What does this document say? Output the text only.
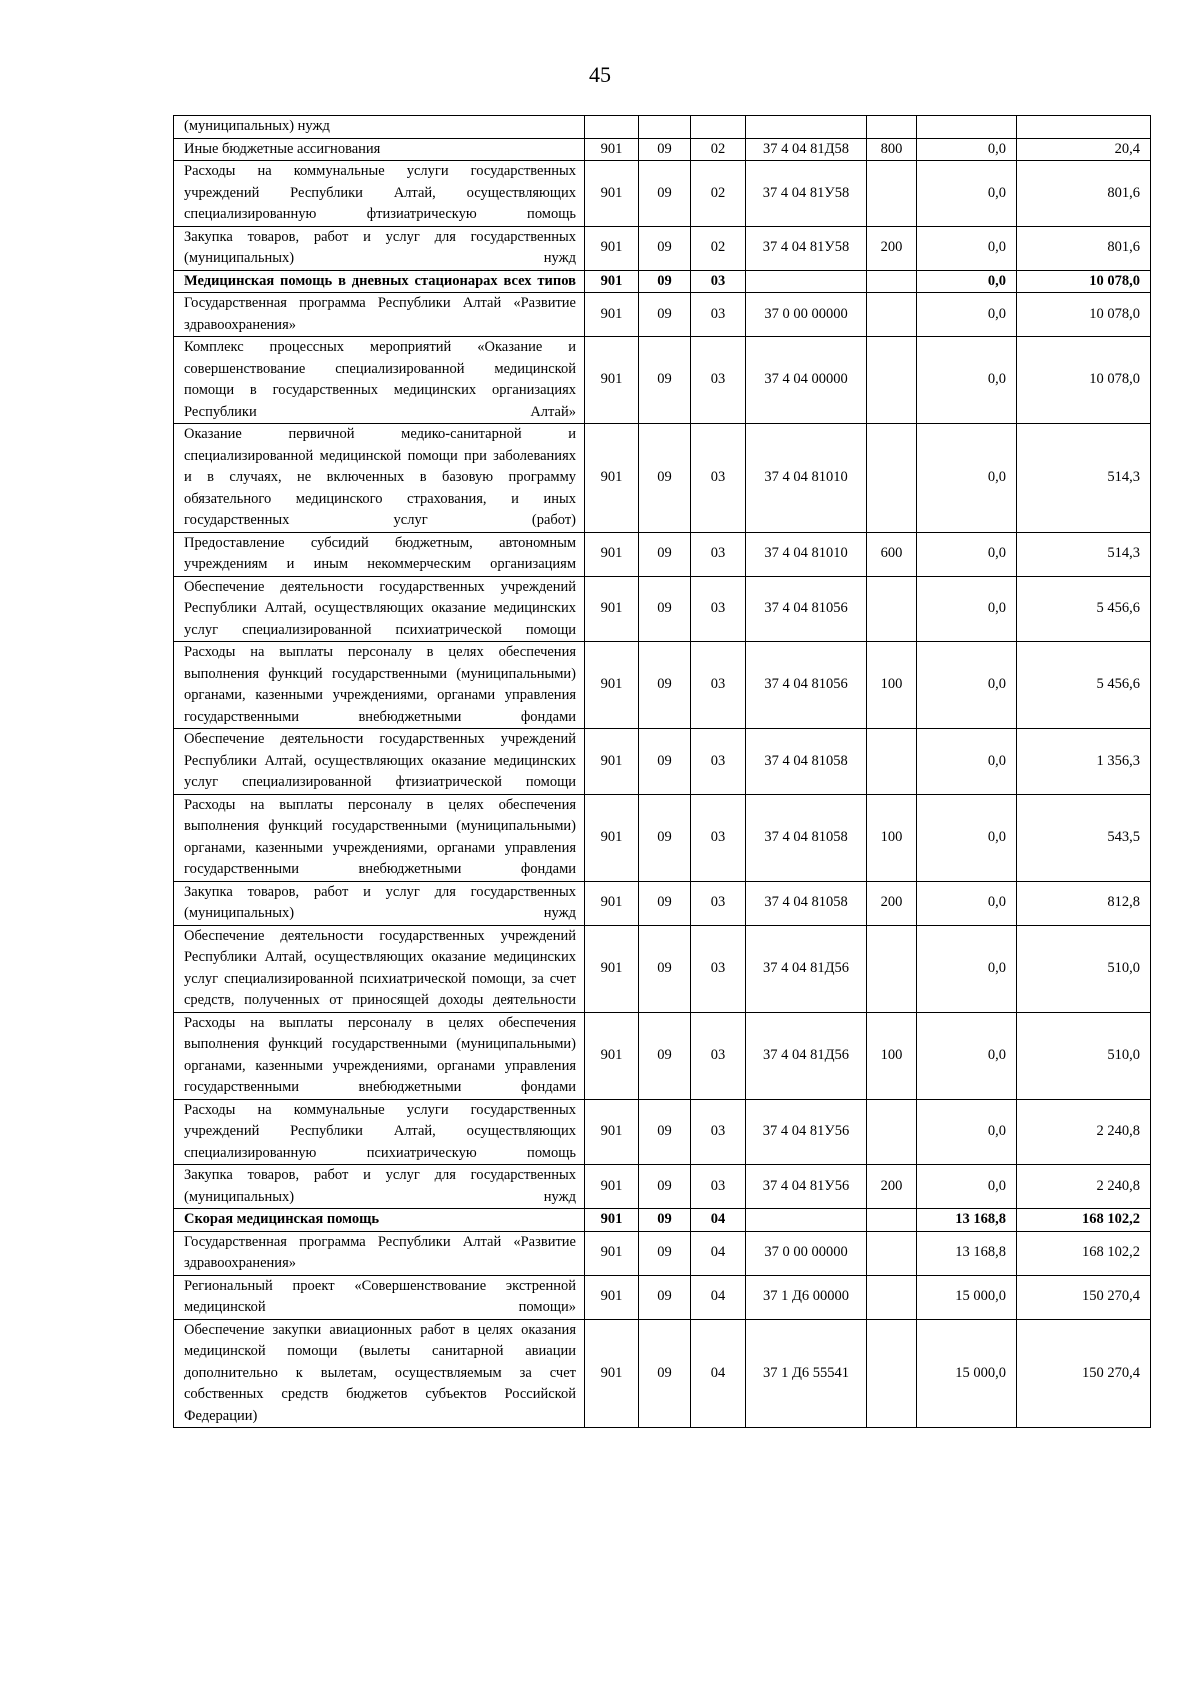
45
(муниципальных) нужд							
Иные бюджетные ассигнования	901	09	02	37 4 04 81Д58	800	0,0	20,4
Расходы на коммунальные услуги государственных учреждений Республики Алтай, осуществляющих специализированную фтизиатрическую помощь	901	09	02	37 4 04 81У58		0,0	801,6
Закупка товаров, работ и услуг для государственных (муниципальных) нужд	901	09	02	37 4 04 81У58	200	0,0	801,6
Медицинская помощь в дневных стационарах всех типов	901	09	03			0,0	10 078,0
Государственная программа Республики Алтай «Развитие здравоохранения»	901	09	03	37 0 00 00000		0,0	10 078,0
Комплекс процессных мероприятий «Оказание и совершенствование специализированной медицинской помощи в государственных медицинских организациях Республики Алтай»	901	09	03	37 4 04 00000		0,0	10 078,0
Оказание первичной медико-санитарной и специализированной медицинской помощи при заболеваниях и в случаях, не включенных в базовую программу обязательного медицинского страхования, и иных государственных услуг (работ)	901	09	03	37 4 04 81010		0,0	514,3
Предоставление субсидий бюджетным, автономным учреждениям и иным некоммерческим организациям	901	09	03	37 4 04 81010	600	0,0	514,3
Обеспечение деятельности государственных учреждений Республики Алтай, осуществляющих оказание медицинских услуг специализированной психиатрической помощи	901	09	03	37 4 04 81056		0,0	5 456,6
Расходы на выплаты персоналу в целях обеспечения выполнения функций государственными (муниципальными) органами, казенными учреждениями, органами управления государственными внебюджетными фондами	901	09	03	37 4 04 81056	100	0,0	5 456,6
Обеспечение деятельности государственных учреждений Республики Алтай, осуществляющих оказание медицинских услуг специализированной фтизиатрической помощи	901	09	03	37 4 04 81058		0,0	1 356,3
Расходы на выплаты персоналу в целях обеспечения выполнения функций государственными (муниципальными) органами, казенными учреждениями, органами управления государственными внебюджетными фондами	901	09	03	37 4 04 81058	100	0,0	543,5
Закупка товаров, работ и услуг для государственных (муниципальных) нужд	901	09	03	37 4 04 81058	200	0,0	812,8
Обеспечение деятельности государственных учреждений Республики Алтай, осуществляющих оказание медицинских услуг специализированной психиатрической помощи, за счет средств, полученных от приносящей доходы деятельности	901	09	03	37 4 04 81Д56		0,0	510,0
Расходы на выплаты персоналу в целях обеспечения выполнения функций государственными (муниципальными) органами, казенными учреждениями, органами управления государственными внебюджетными фондами	901	09	03	37 4 04 81Д56	100	0,0	510,0
Расходы на коммунальные услуги государственных учреждений Республики Алтай, осуществляющих специализированную психиатрическую помощь	901	09	03	37 4 04 81У56		0,0	2 240,8
Закупка товаров, работ и услуг для государственных (муниципальных) нужд	901	09	03	37 4 04 81У56	200	0,0	2 240,8
Скорая медицинская помощь	901	09	04			13 168,8	168 102,2
Государственная программа Республики Алтай «Развитие здравоохранения»	901	09	04	37 0 00 00000		13 168,8	168 102,2
Региональный проект «Совершенствование экстренной медицинской помощи»	901	09	04	37 1 Д6 00000		15 000,0	150 270,4
Обеспечение закупки авиационных работ в целях оказания медицинской помощи (вылеты санитарной авиации дополнительно к вылетам, осуществляемым за счет собственных средств бюджетов субъектов Российской Федерации)	901	09	04	37 1 Д6 55541		15 000,0	150 270,4
